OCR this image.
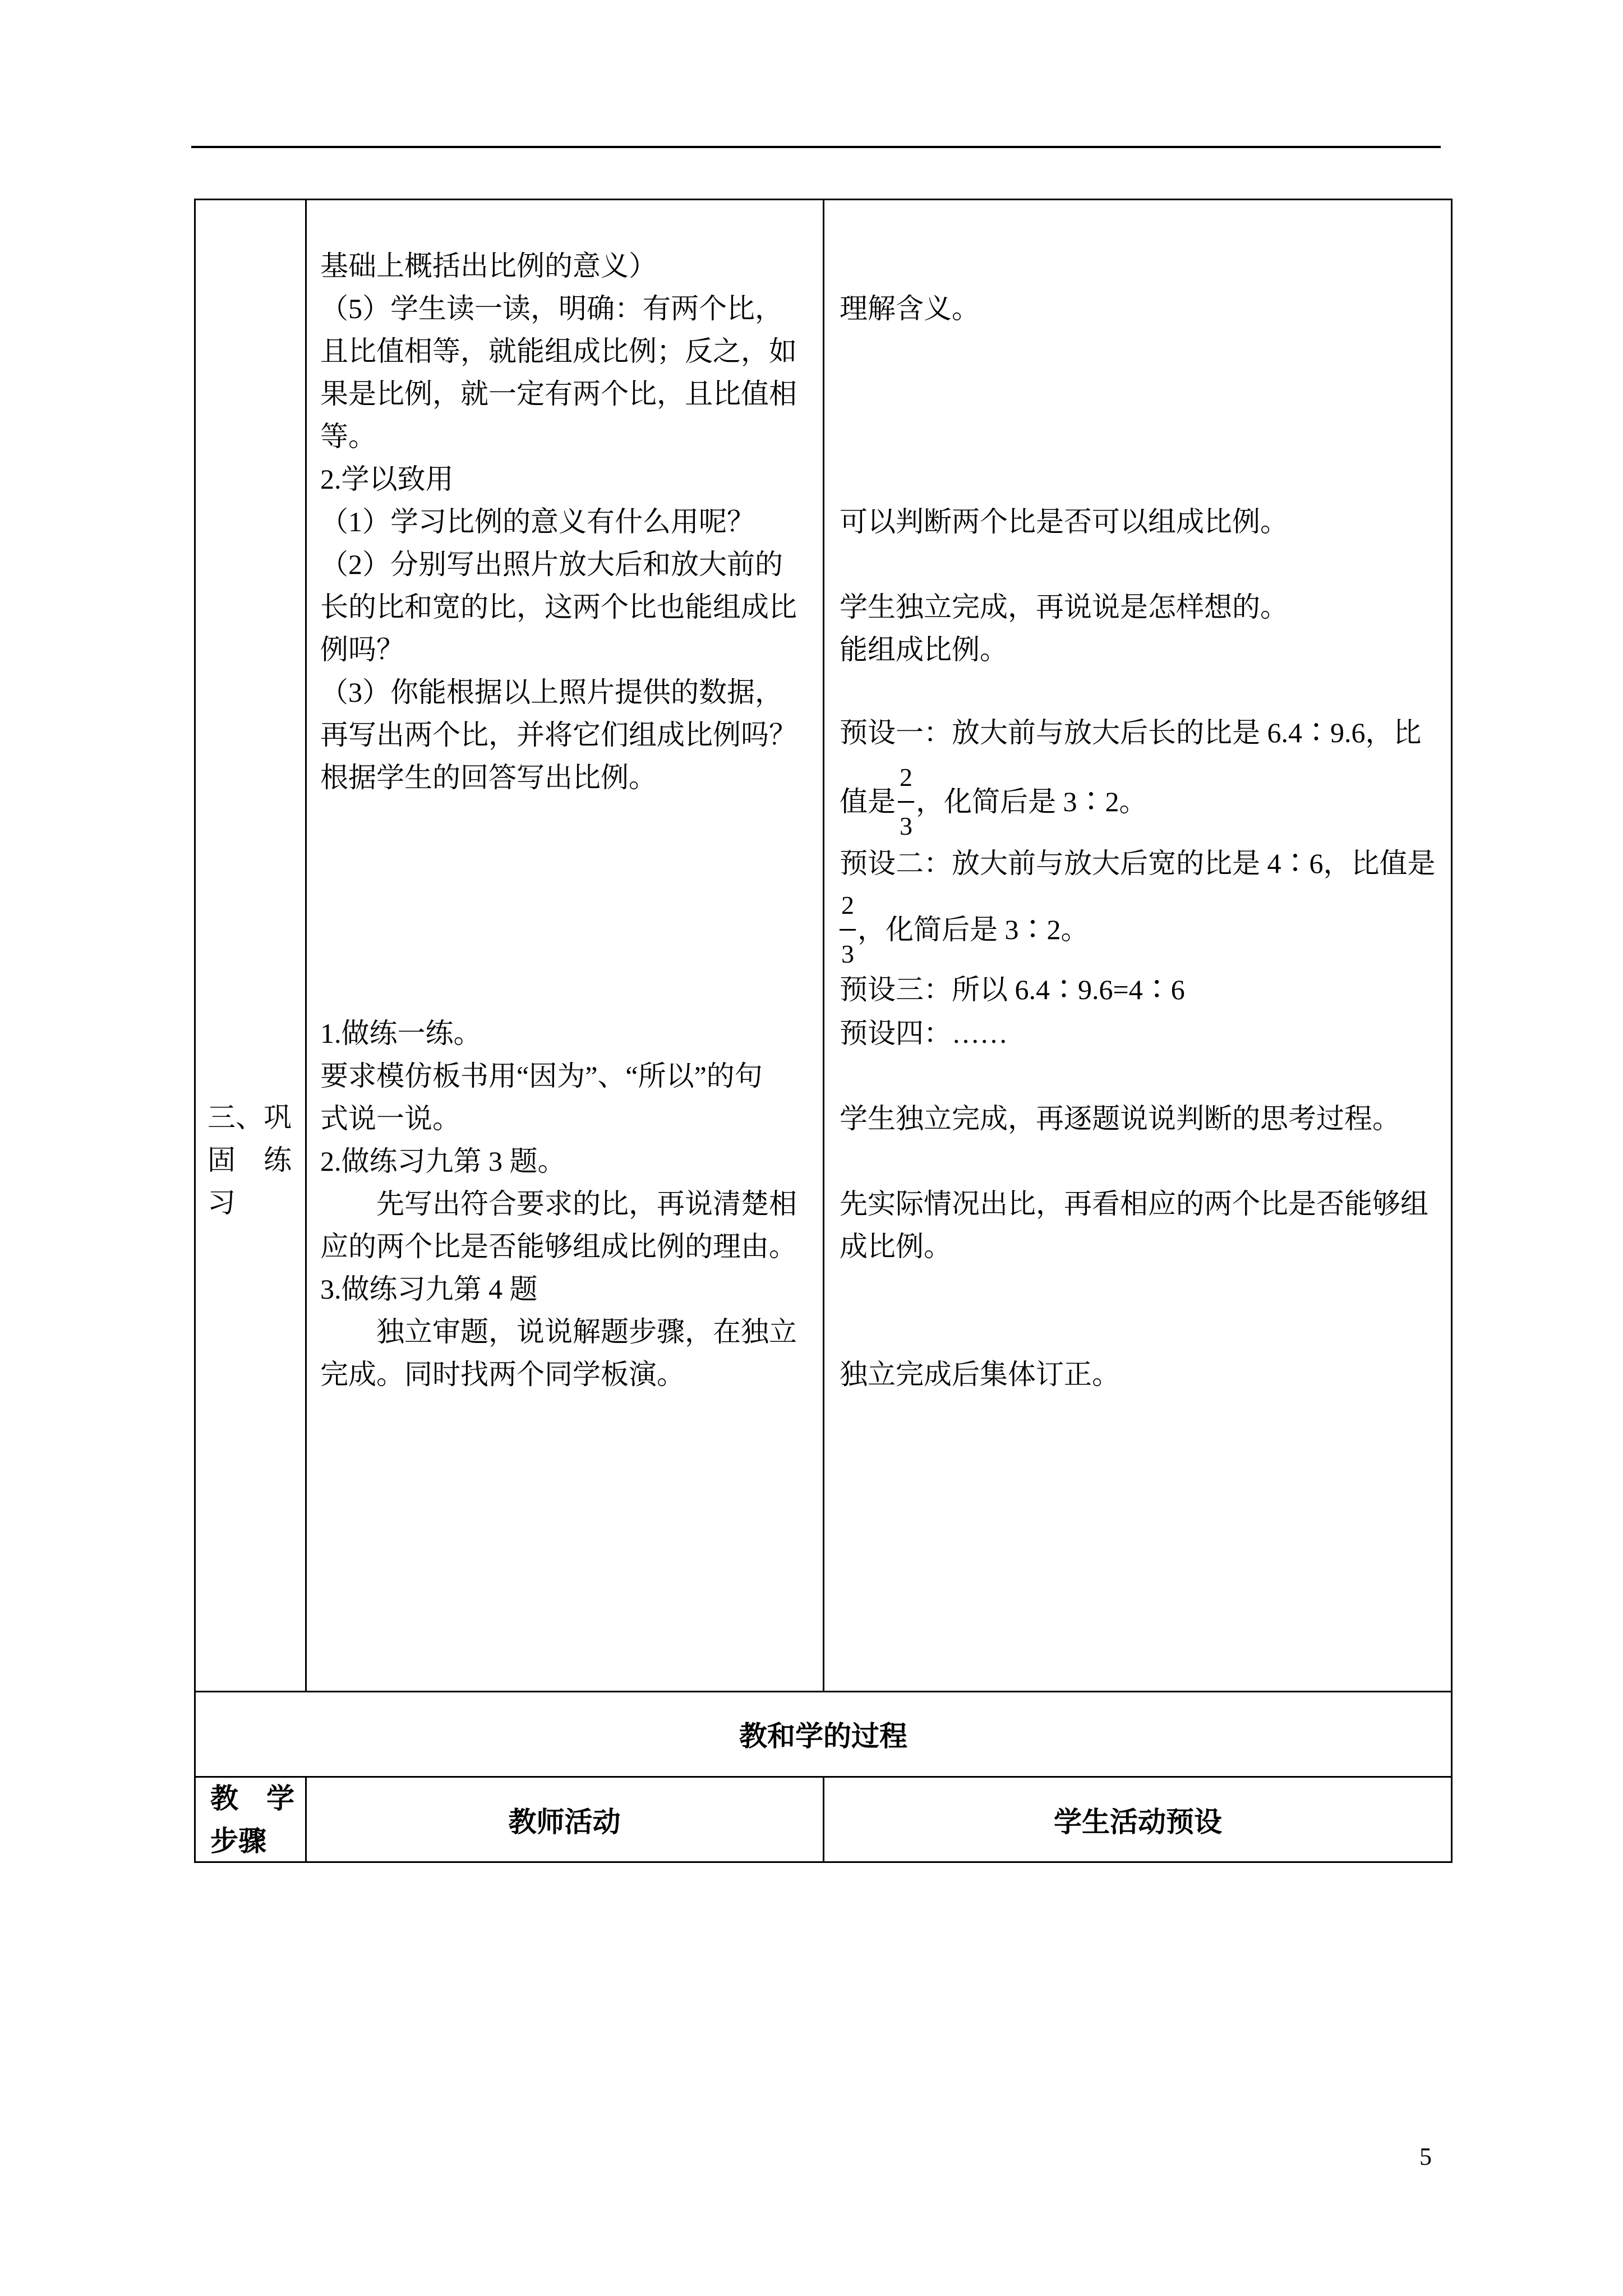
三、巩
固　练
习
基础上概括出比例的意义）
（5）学生读一读，明确：有两个比，
且比值相等，就能组成比例；反之，如
果是比例，就一定有两个比，且比值相
等。
2.学以致用
（1）学习比例的意义有什么用呢？
（2）分别写出照片放大后和放大前的
长的比和宽的比，这两个比也能组成比
例吗？
（3）你能根据以上照片提供的数据，
再写出两个比，并将它们组成比例吗？
根据学生的回答写出比例。
1.做练一练。
要求模仿板书用“因为”、“所以”的句
式说一说。
2.做练习九第 3 题。
先写出符合要求的比，再说清楚相
应的两个比是否能够组成比例的理由。
3.做练习九第 4 题
独立审题，说说解题步骤，在独立
完成。同时找两个同学板演。
理解含义。
可以判断两个比是否可以组成比例。
学生独立完成，再说说是怎样想的。
能组成比例。
预设一：放大前与放大后长的比是 6.4∶9.6，比
值是 $\frac{2}{3}$ ，化简后是 3∶2。
预设二：放大前与放大后宽的比是 4∶6，比值是
$\frac{2}{3}$ ，化简后是 3∶2。
预设三：所以 6.4∶9.6=4∶6
预设四：……
学生独立完成，再逐题说说判断的思考过程。
先实际情况出比，再看相应的两个比是否能够组
成比例。
独立完成后集体订正。
教和学的过程
教　学
步骤
教师活动	学生活动预设
5
